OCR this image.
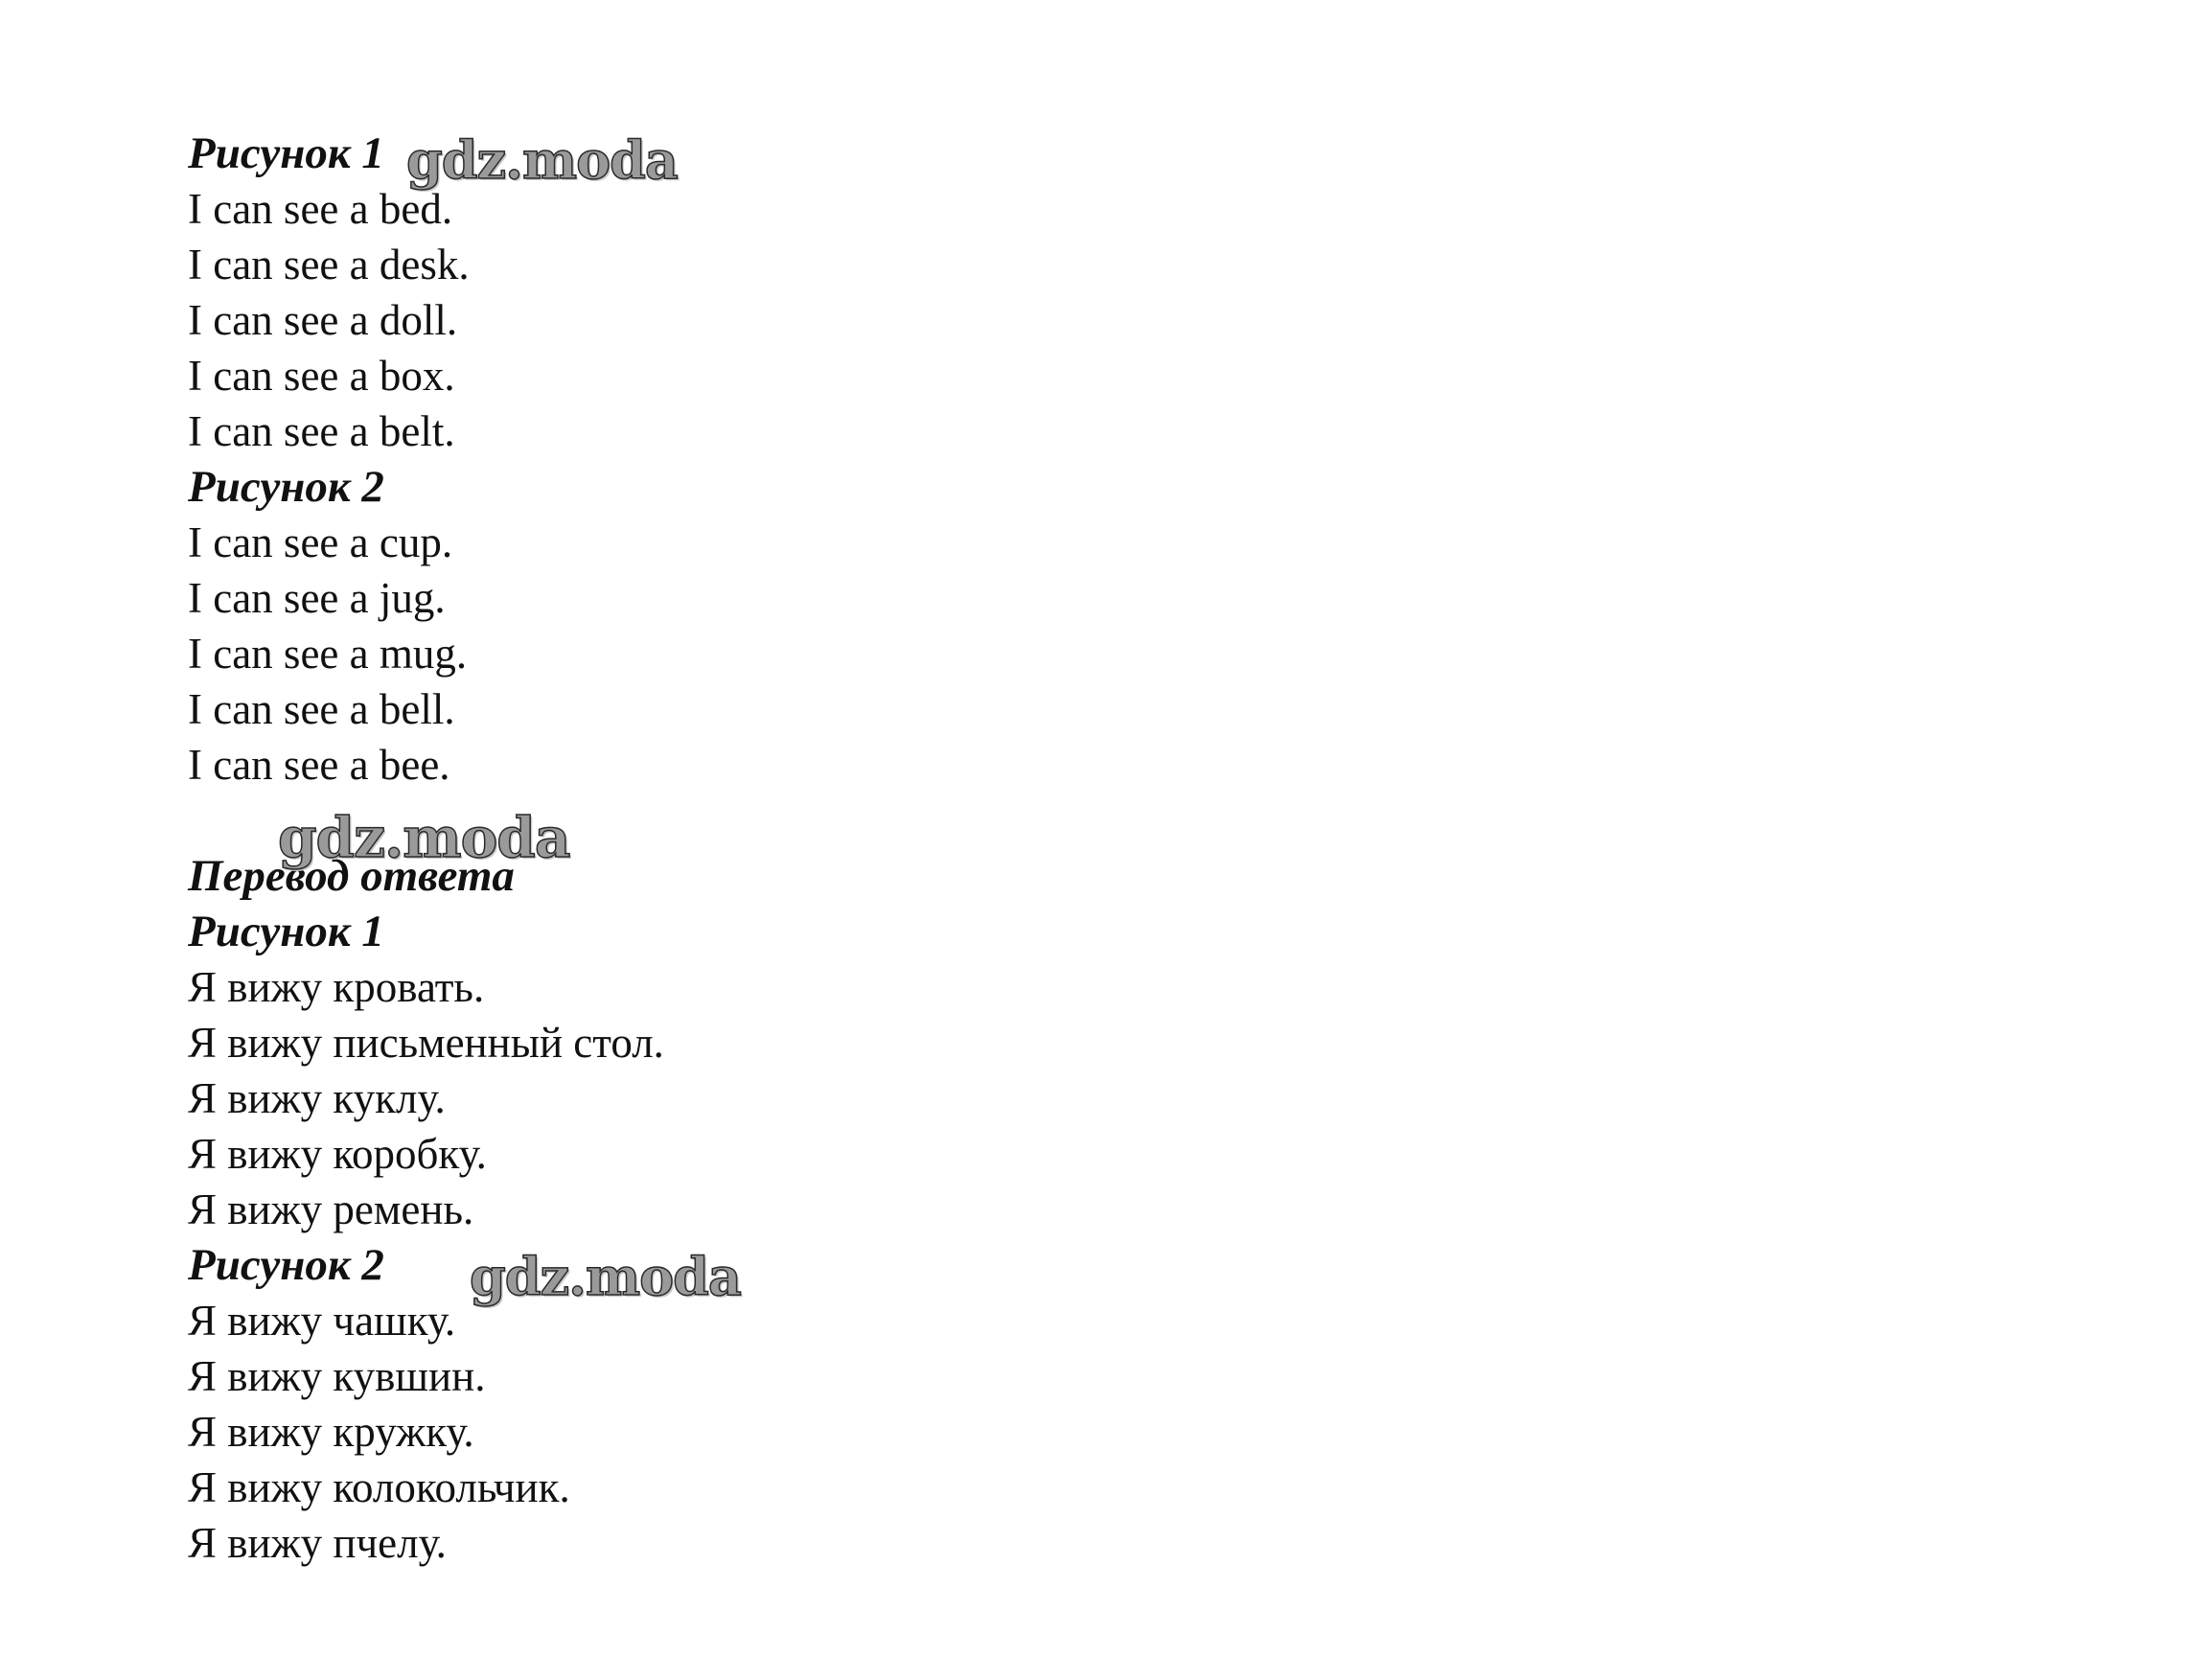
Рисунок 1
I can see a bed.
I can see a desk.
I can see a doll.
I can see a box.
I can see a belt.
Рисунок 2
I can see a cup.
I can see a jug.
I can see a mug.
I can see a bell.
I can see a bee.
Перевод ответа
Рисунок 1
Я вижу кровать.
Я вижу письменный стол.
Я вижу куклу.
Я вижу коробку.
Я вижу ремень.
Рисунок 2
Я вижу чашку.
Я вижу кувшин.
Я вижу кружку.
Я вижу колокольчик.
Я вижу пчелу.
gdz.moda
gdz.moda
gdz.moda
